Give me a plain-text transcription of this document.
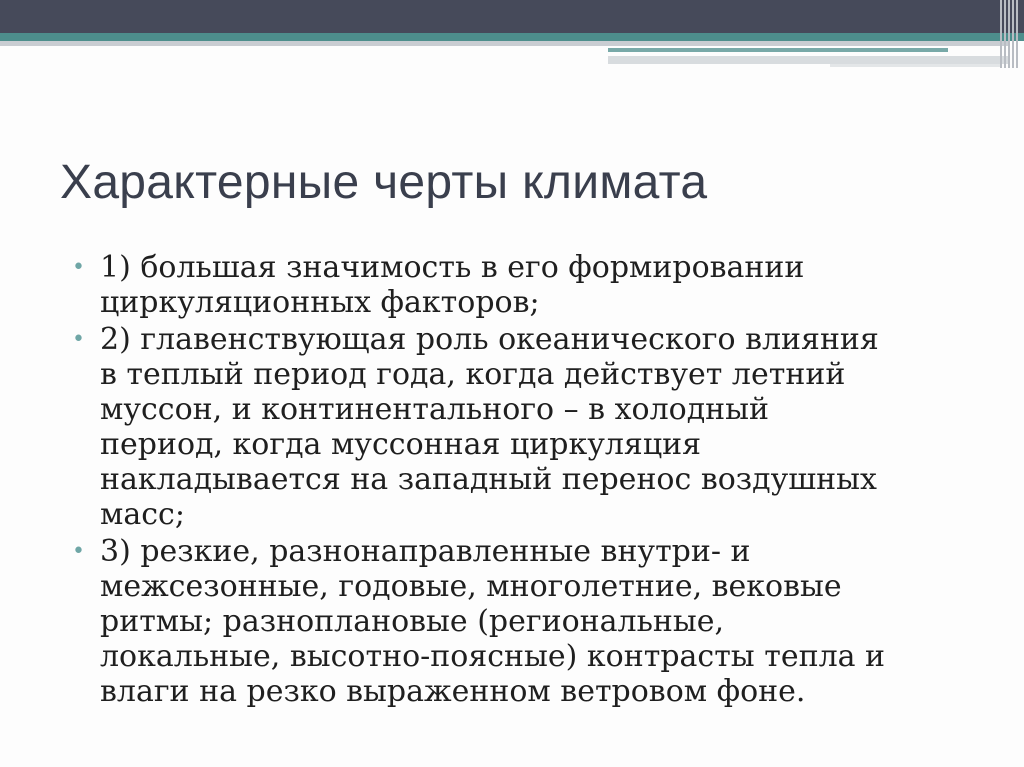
Характерные черты климата
• 1) большая значимость в его формировании
циркуляционных факторов;
• 2) главенствующая роль океанического влияния
в теплый период года, когда действует летний
муссон, и континентального – в холодный
период, когда муссонная циркуляция
накладывается на западный перенос воздушных
масс;
• 3) резкие, разнонаправленные внутри- и
межсезонные, годовые, многолетние, вековые
ритмы; разноплановые (региональные,
локальные, высотно-поясные) контрасты тепла и
влаги на резко выраженном ветровом фоне.
